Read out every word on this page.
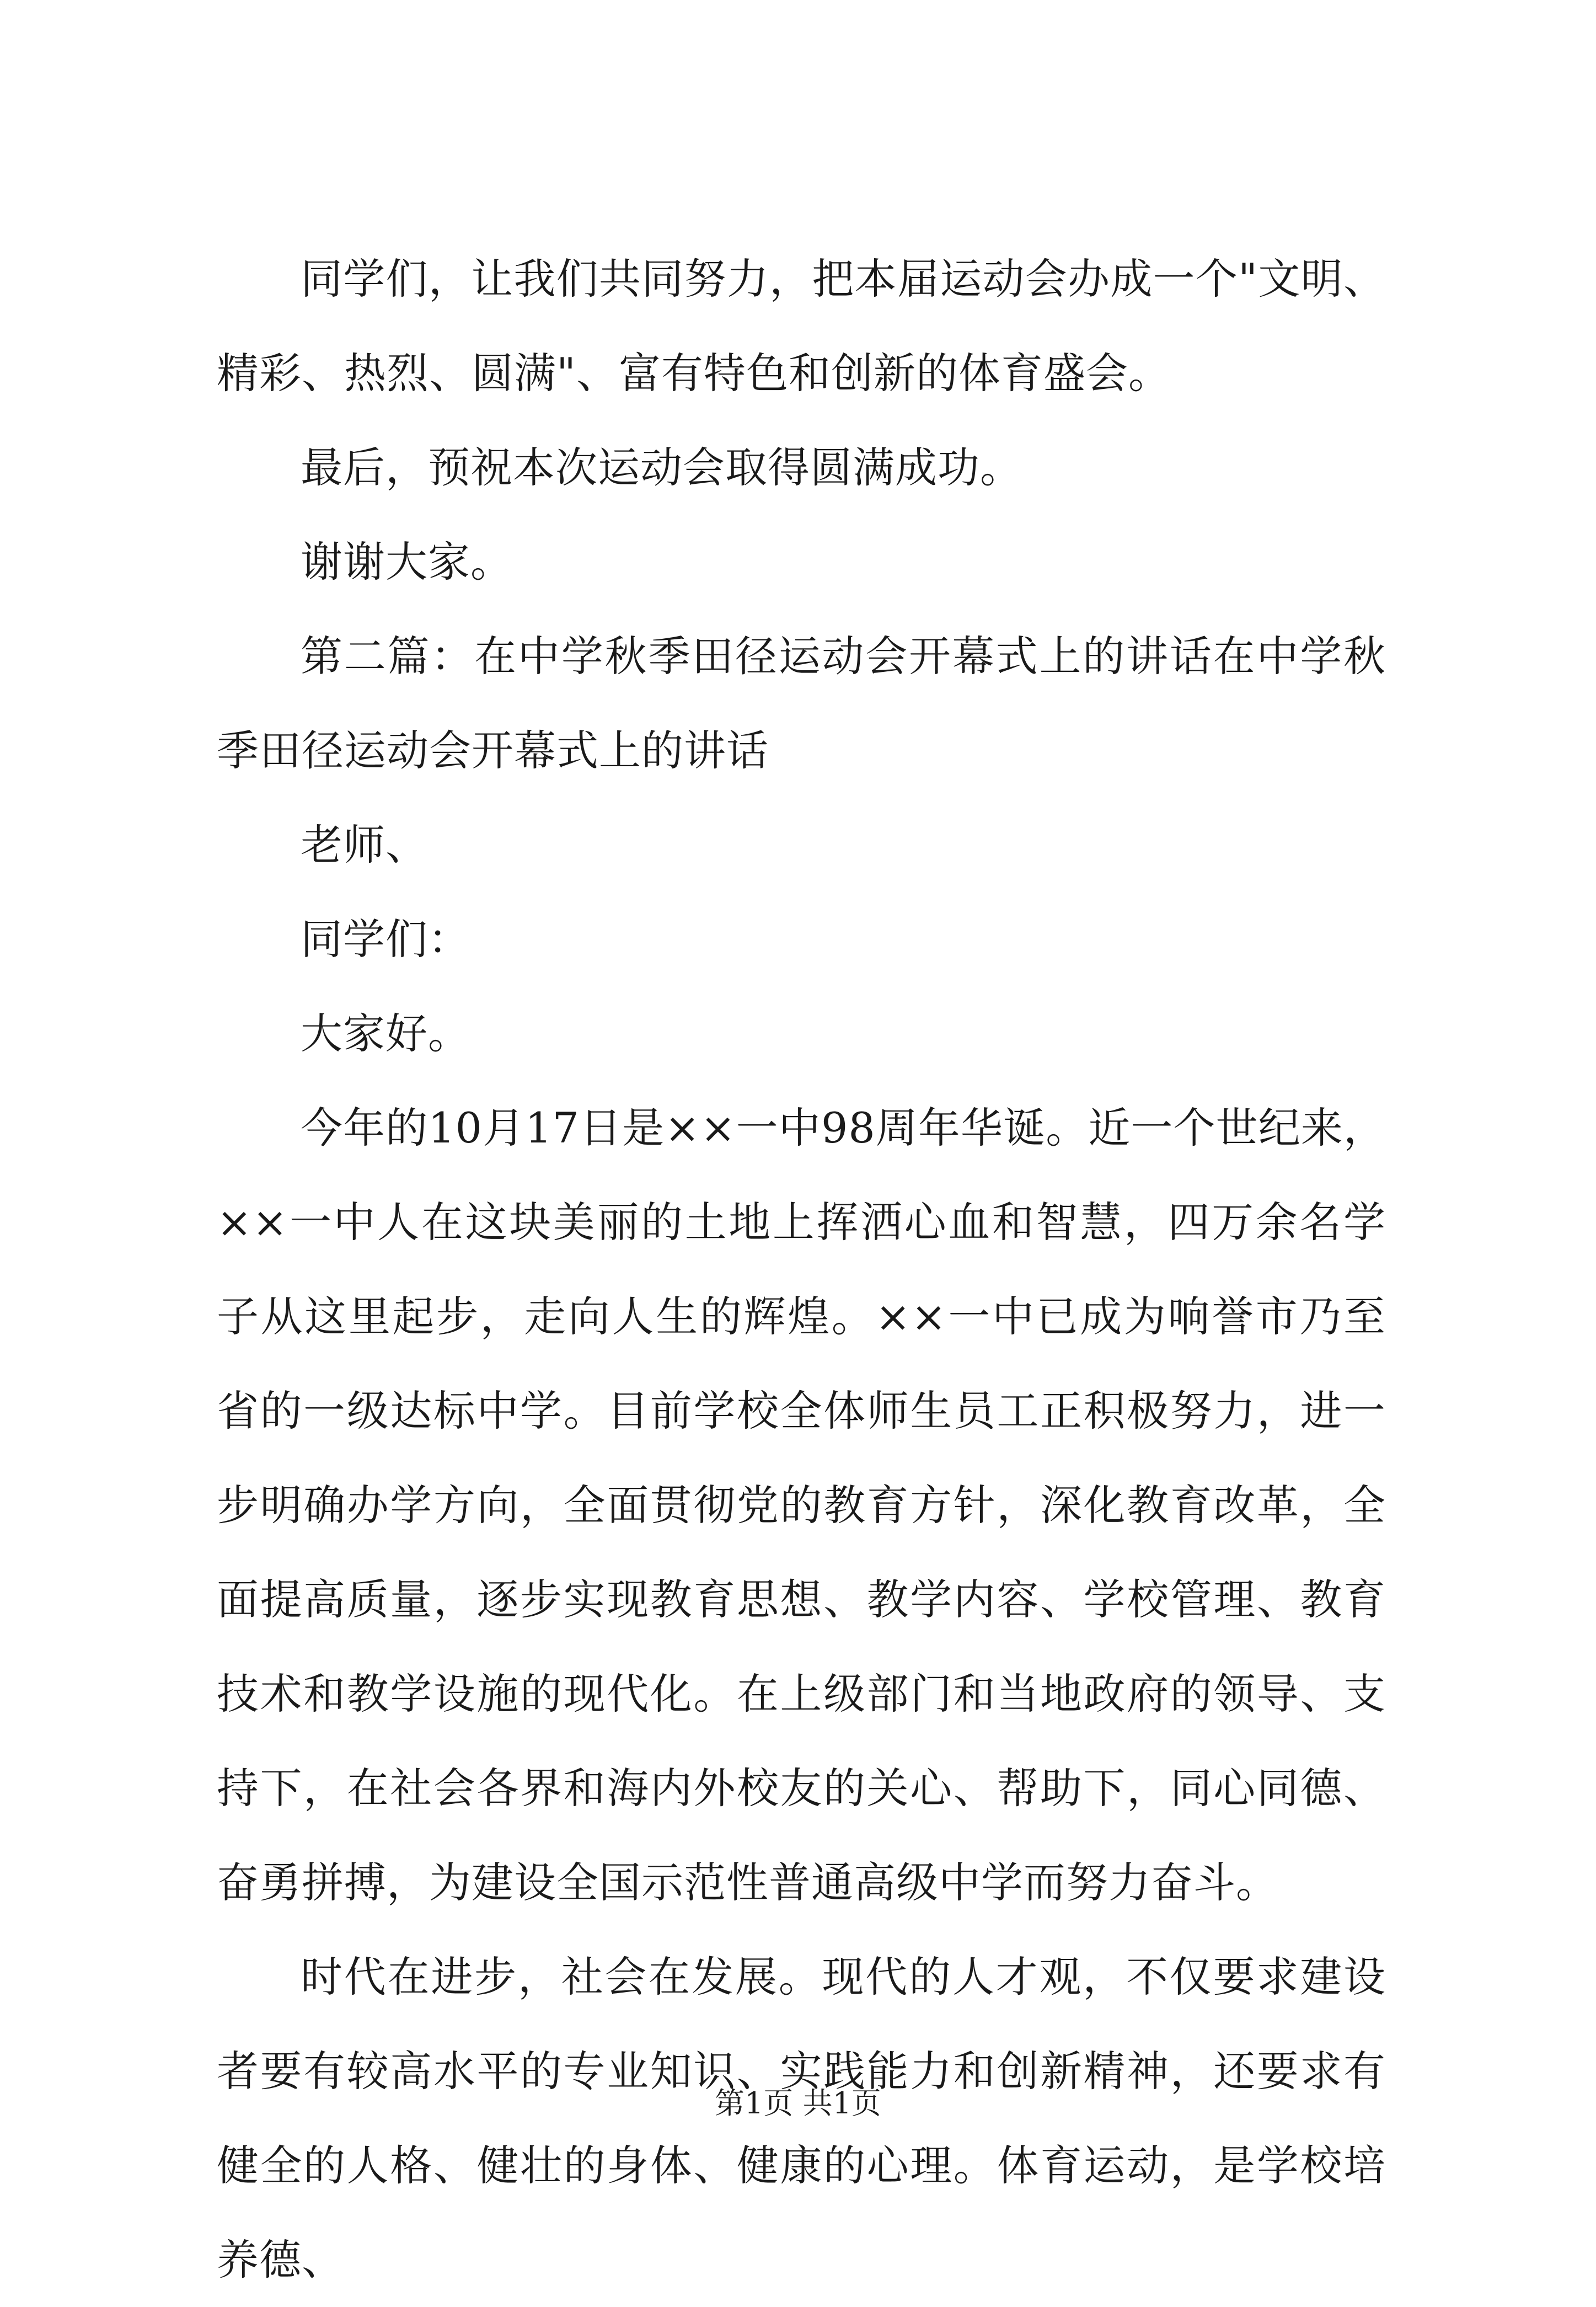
同学们，让我们共同努力，把本届运动会办成一个"文明、精彩、热烈、圆满"、富有特色和创新的体育盛会。

最后，预祝本次运动会取得圆满成功。

谢谢大家。

第二篇：在中学秋季田径运动会开幕式上的讲话在中学秋季田径运动会开幕式上的讲话

老师、

同学们：

大家好。

今年的10月17日是××一中98周年华诞。近一个世纪来，××一中人在这块美丽的土地上挥洒心血和智慧，四万余名学子从这里起步，走向人生的辉煌。××一中已成为响誉市乃至省的一级达标中学。目前学校全体师生员工正积极努力，进一步明确办学方向，全面贯彻党的教育方针，深化教育改革，全面提高质量，逐步实现教育思想、教学内容、学校管理、教育技术和教学设施的现代化。在上级部门和当地政府的领导、支持下，在社会各界和海内外校友的关心、帮助下，同心同德、奋勇拼搏，为建设全国示范性普通高级中学而努力奋斗。

时代在进步，社会在发展。现代的人才观，不仅要求建设者要有较高水平的专业知识、实践能力和创新精神，还要求有健全的人格、健壮的身体、健康的心理。体育运动，是学校培养德、

第1页 共1页
